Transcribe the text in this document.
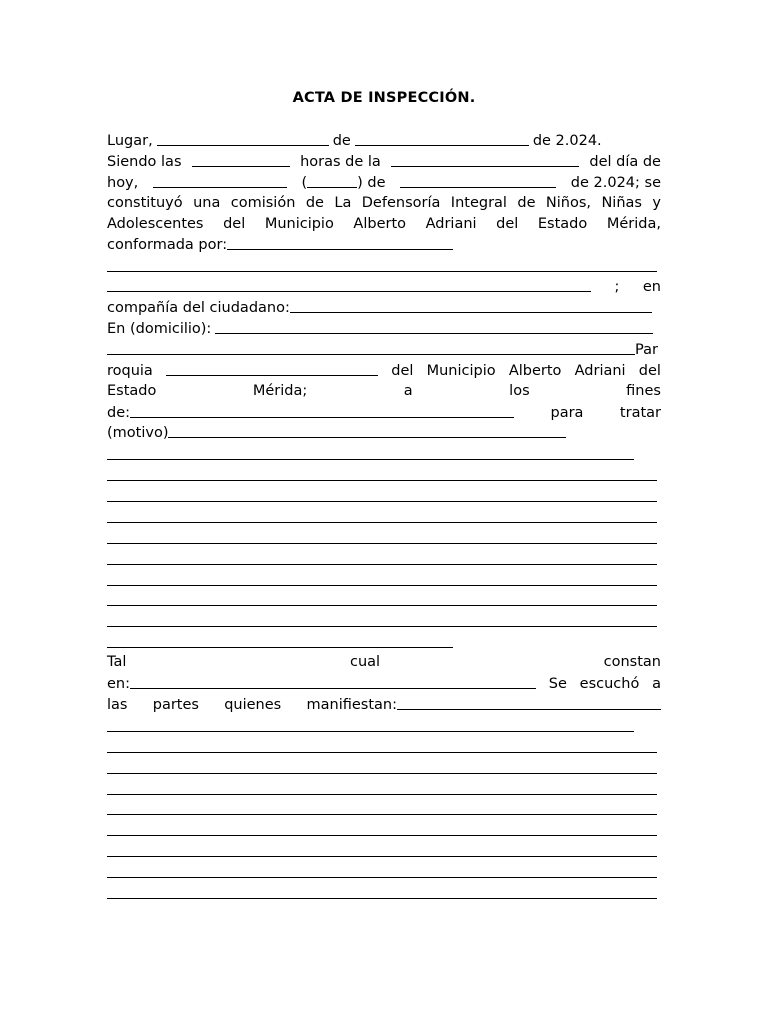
ACTA DE INSPECCIÓN.
Lugar,	de	de 2.024.
Siendo las	horas de la	del día de
hoy,	(	) de	de 2.024; se
constituyó una comisión de La Defensoría Integral de Niños, Niñas y
Adolescentes del Municipio Alberto Adriani del Estado Mérida,
conformada por:
; en
compañía del ciudadano:
En (domicilio):
Par
roquia	del Municipio Alberto Adriani del
Estado	Mérida;	a	los	fines
de:	para	tratar
(motivo)
Tal	cual	constan
en:	Se escuchó a
las partes quienes manifiestan:
